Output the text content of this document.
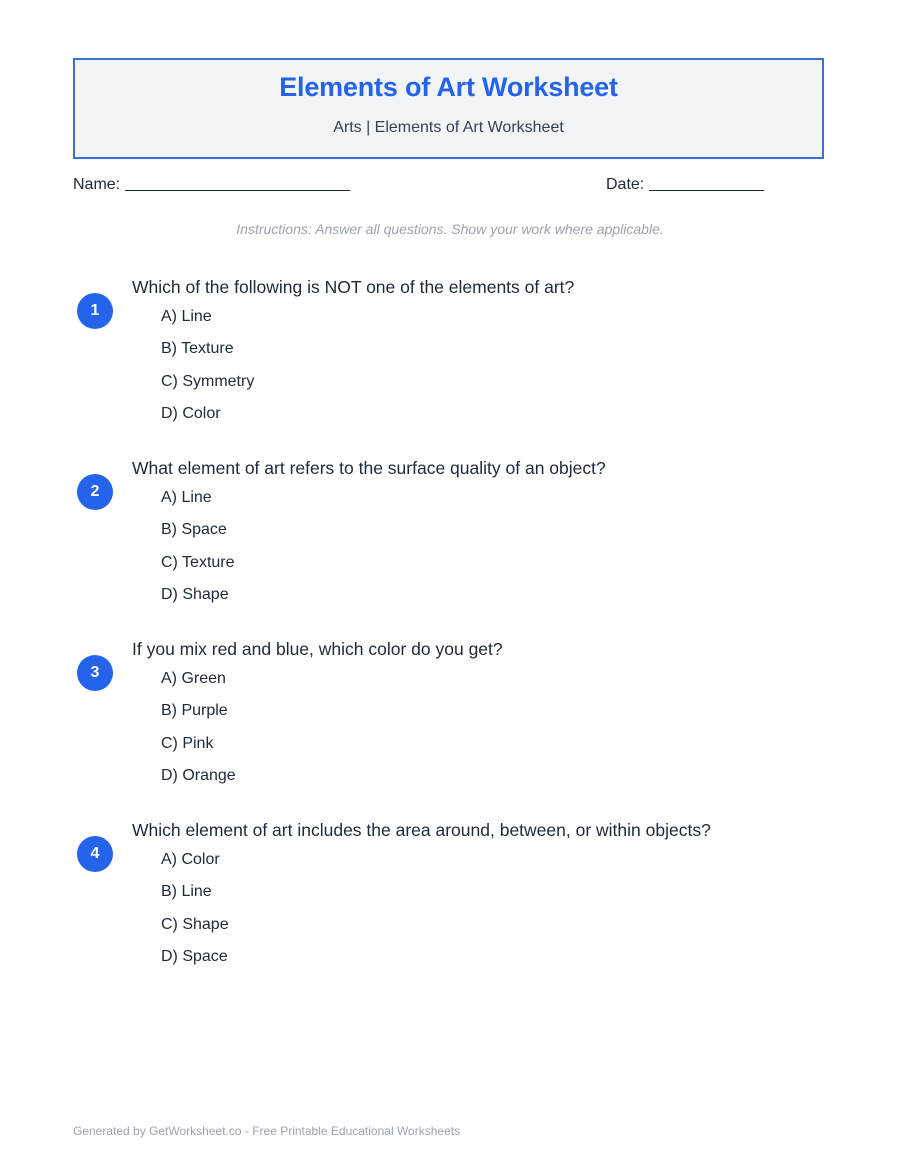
Elements of Art Worksheet
Arts | Elements of Art Worksheet
Name:	Date:
Instructions: Answer all questions. Show your work where applicable.
1
Which of the following is NOT one of the elements of art?
A) Line
B) Texture
C) Symmetry
D) Color
2
What element of art refers to the surface quality of an object?
A) Line
B) Space
C) Texture
D) Shape
3
If you mix red and blue, which color do you get?
A) Green
B) Purple
C) Pink
D) Orange
4
Which element of art includes the area around, between, or within objects?
A) Color
B) Line
C) Shape
D) Space
Generated by GetWorksheet.co - Free Printable Educational Worksheets
